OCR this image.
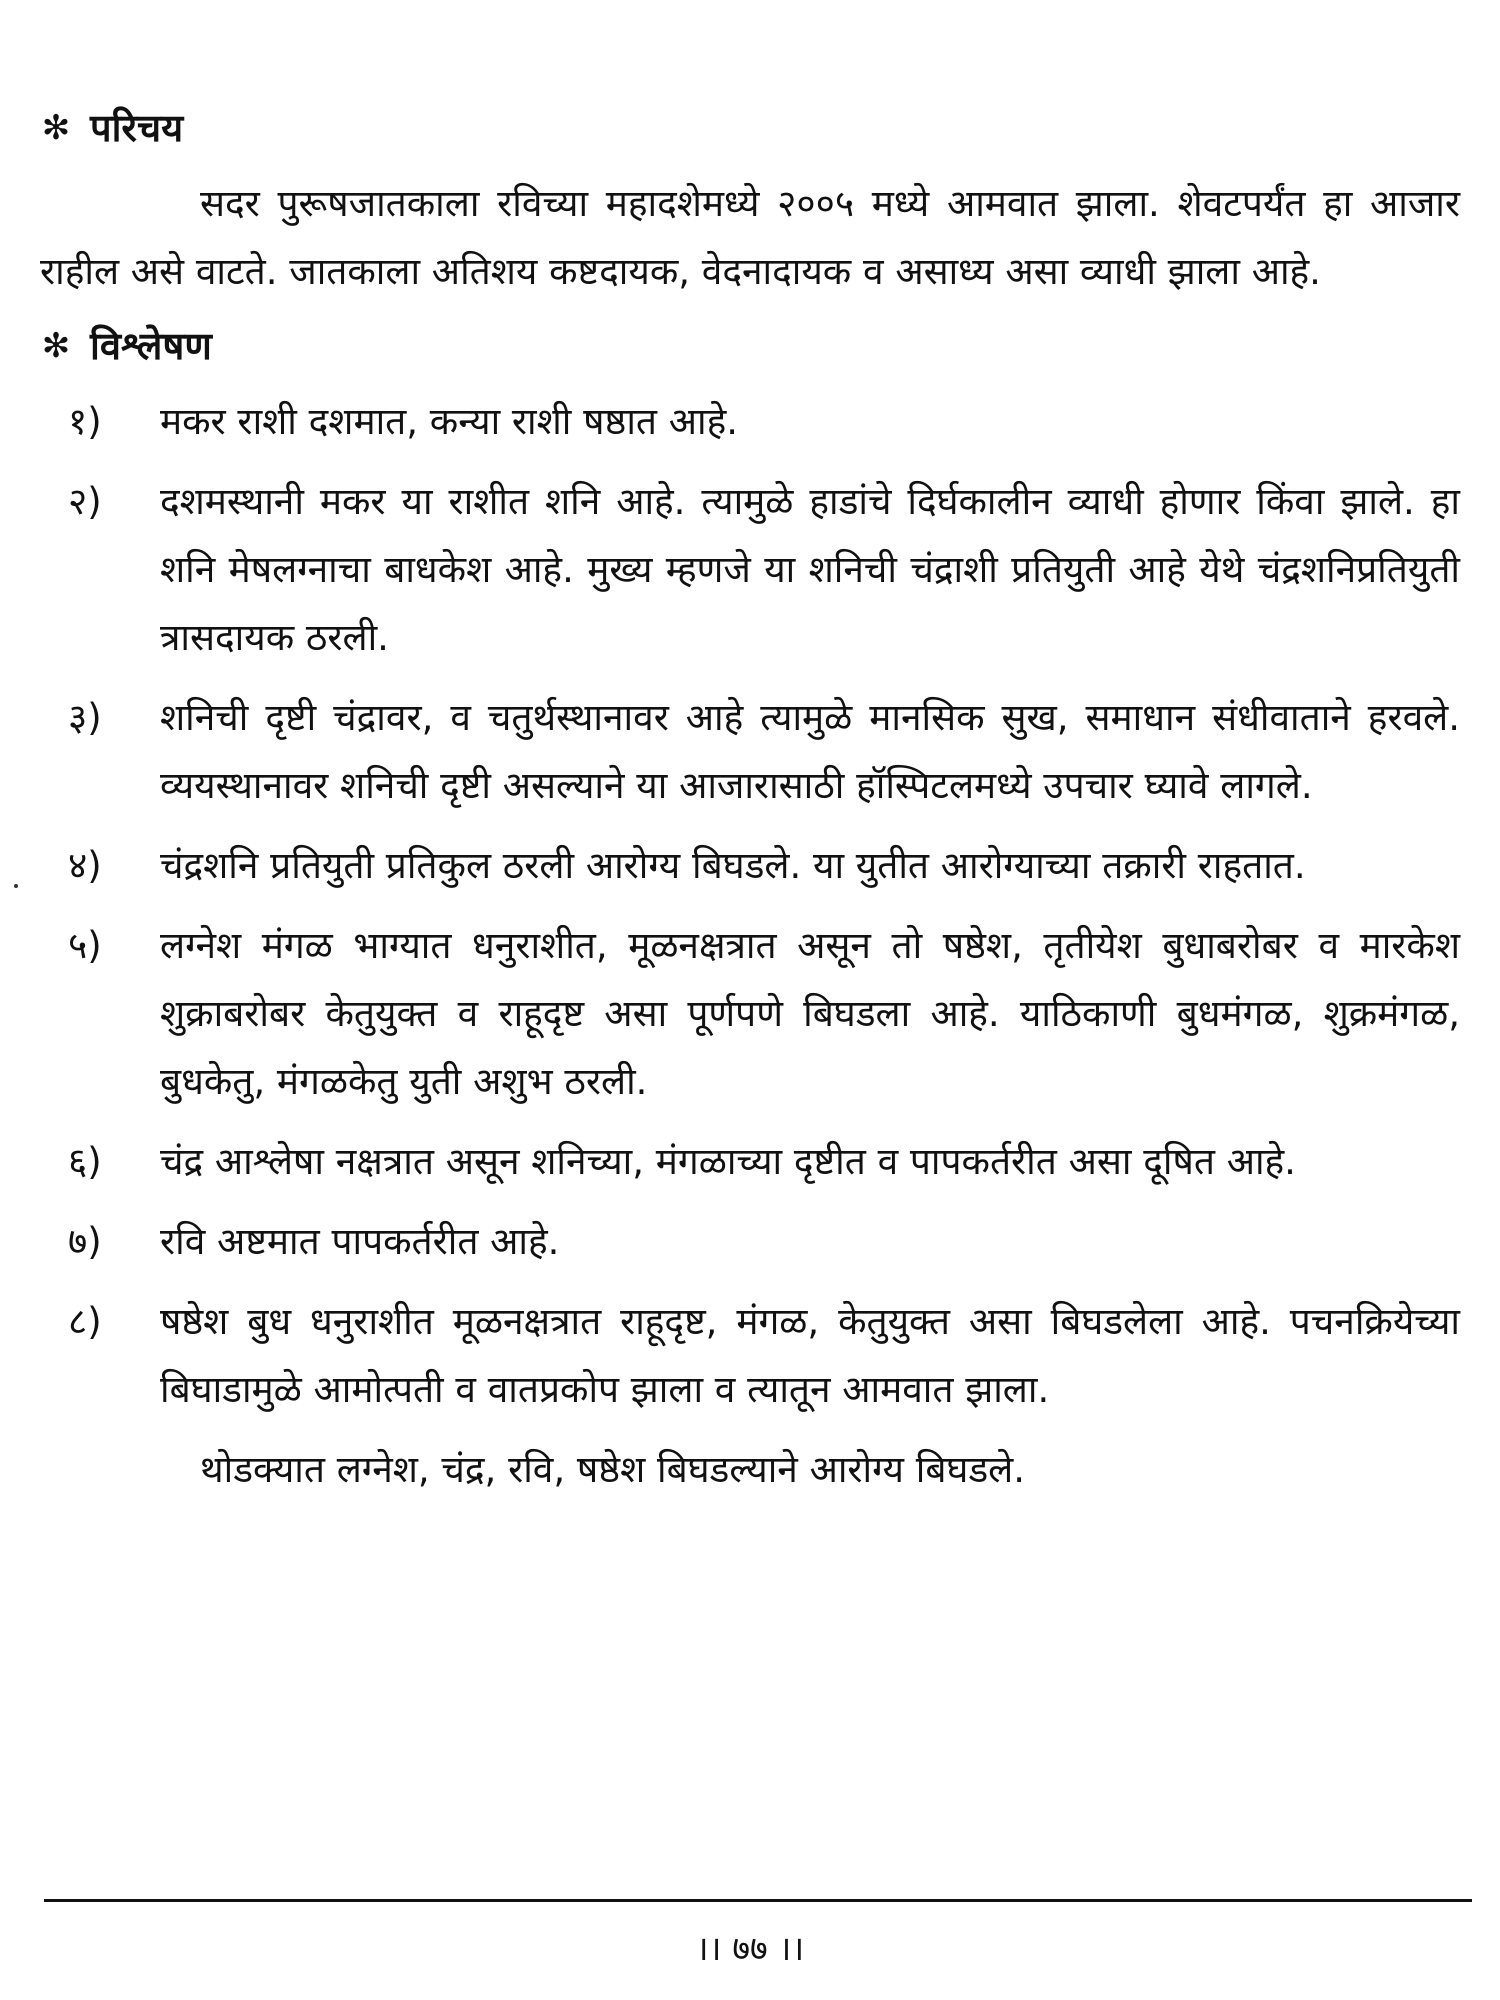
✻ परिचय

सदर पुरूषजातकाला रविच्या महादशेमध्ये २००५ मध्ये आमवात झाला. शेवटपर्यंत हा आजार राहील असे वाटते. जातकाला अतिशय कष्टदायक, वेदनादायक व असाध्य असा व्याधी झाला आहे.

✻ विश्लेषण
१)	मकर राशी दशमात, कन्या राशी षष्ठात आहे.
२)	दशमस्थानी मकर या राशीत शनि आहे. त्यामुळे हाडांचे दिर्घकालीन व्याधी होणार किंवा झाले. हा शनि मेषलग्नाचा बाधकेश आहे. मुख्य म्हणजे या शनिची चंद्राशी प्रतियुती आहे येथे चंद्रशनिप्रतियुती त्रासदायक ठरली.
३)	शनिची दृष्टी चंद्रावर, व चतुर्थस्थानावर आहे त्यामुळे मानसिक सुख, समाधान संधीवाताने हरवले. व्ययस्थानावर शनिची दृष्टी असल्याने या आजारासाठी हॉस्पिटलमध्ये उपचार घ्यावे लागले.
४)	चंद्रशनि प्रतियुती प्रतिकुल ठरली आरोग्य बिघडले. या युतीत आरोग्याच्या तक्रारी राहतात.
५)	लग्नेश मंगळ भाग्यात धनुराशीत, मूळनक्षत्रात असून तो षष्ठेश, तृतीयेश बुधाबरोबर व मारकेश शुक्राबरोबर केतुयुक्त व राहूदृष्ट असा पूर्णपणे बिघडला आहे. याठिकाणी बुधमंगळ, शुक्रमंगळ, बुधकेतु, मंगळकेतु युती अशुभ ठरली.
६)	चंद्र आश्लेषा नक्षत्रात असून शनिच्या, मंगळाच्या दृष्टीत व पापकर्तरीत असा दूषित आहे.
७)	रवि अष्टमात पापकर्तरीत आहे.
८)	षष्ठेश बुध धनुराशीत मूळनक्षत्रात राहूदृष्ट, मंगळ, केतुयुक्त असा बिघडलेला आहे. पचनक्रियेच्या बिघाडामुळे आमोत्पती व वातप्रकोप झाला व त्यातून आमवात झाला.

थोडक्यात लग्नेश, चंद्र, रवि, षष्ठेश बिघडल्याने आरोग्य बिघडले.

।। ७७ ।।
